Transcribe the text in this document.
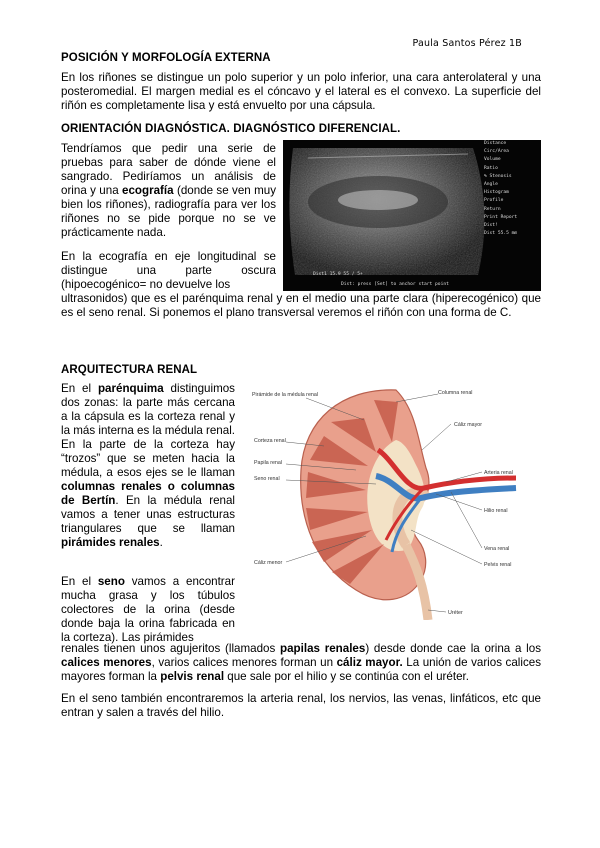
Paula Santos Pérez 1B
POSICIÓN Y MORFOLOGÍA EXTERNA

En los riñones se distingue un polo superior y un polo inferior, una cara anterolateral y una posteromedial. El margen medial es el cóncavo y el lateral es el convexo. La superficie del riñón es completamente lisa y está envuelto por una cápsula.

ORIENTACIÓN DIAGNÓSTICA. DIAGNÓSTICO DIFERENCIAL.

Tendríamos que pedir una serie de pruebas para saber de dónde viene el sangrado. Pediríamos un análisis de orina y una ecografía (donde se ven muy bien los riñones), radiografía para ver los riñones no se pide porque no se ve prácticamente nada.

En la ecografía en eje longitudinal se distingue una parte oscura (hipoecogénico= no devuelve los

ultrasonidos) que es el parénquima renal y en el medio una parte clara (hiperecogénico) que es el seno renal. Si ponemos el plano transversal veremos el riñón con una forma de C.

Distance
Circ/Area
Volume
Ratio
% Stenosis
Angle
Histogram
Profile
Return
Print Report
Dist!
Dist 55.5 mm
Dist1 15.9 55 / 5+
Dist: press [Set] to anchor start point
ARQUITECTURA RENAL

En el parénquima distinguimos dos zonas: la parte más cercana a la cápsula es la corteza renal y la más interna es la médula renal. En la parte de la corteza hay “trozos” que se meten hacia la médula, a esos ejes se le llaman columnas renales o columnas de Bertín. En la médula renal vamos a tener unas estructuras triangulares que se llaman pirámides renales.

En el seno vamos a encontrar mucha grasa y los túbulos colectores de la orina (desde donde baja la orina fabricada en la corteza). Las pirámides

renales tienen unos agujeritos (llamados papilas renales) desde donde cae la orina a los calices menores, varios calices menores forman un cáliz mayor. La unión de varios calices mayores forman la pelvis renal que sale por el hilio y se continúa con el uréter.

En el seno también encontraremos la arteria renal, los nervios, las venas, linfáticos, etc que entran y salen a través del hilio.

Pirámide de la médula renal	Columna renal
Corteza renal
Cáliz mayor
Papila renal
Arteria renal
Seno renal
Hilio renal
Vena renal
Cáliz menor	Pelvis renal
Uréter
